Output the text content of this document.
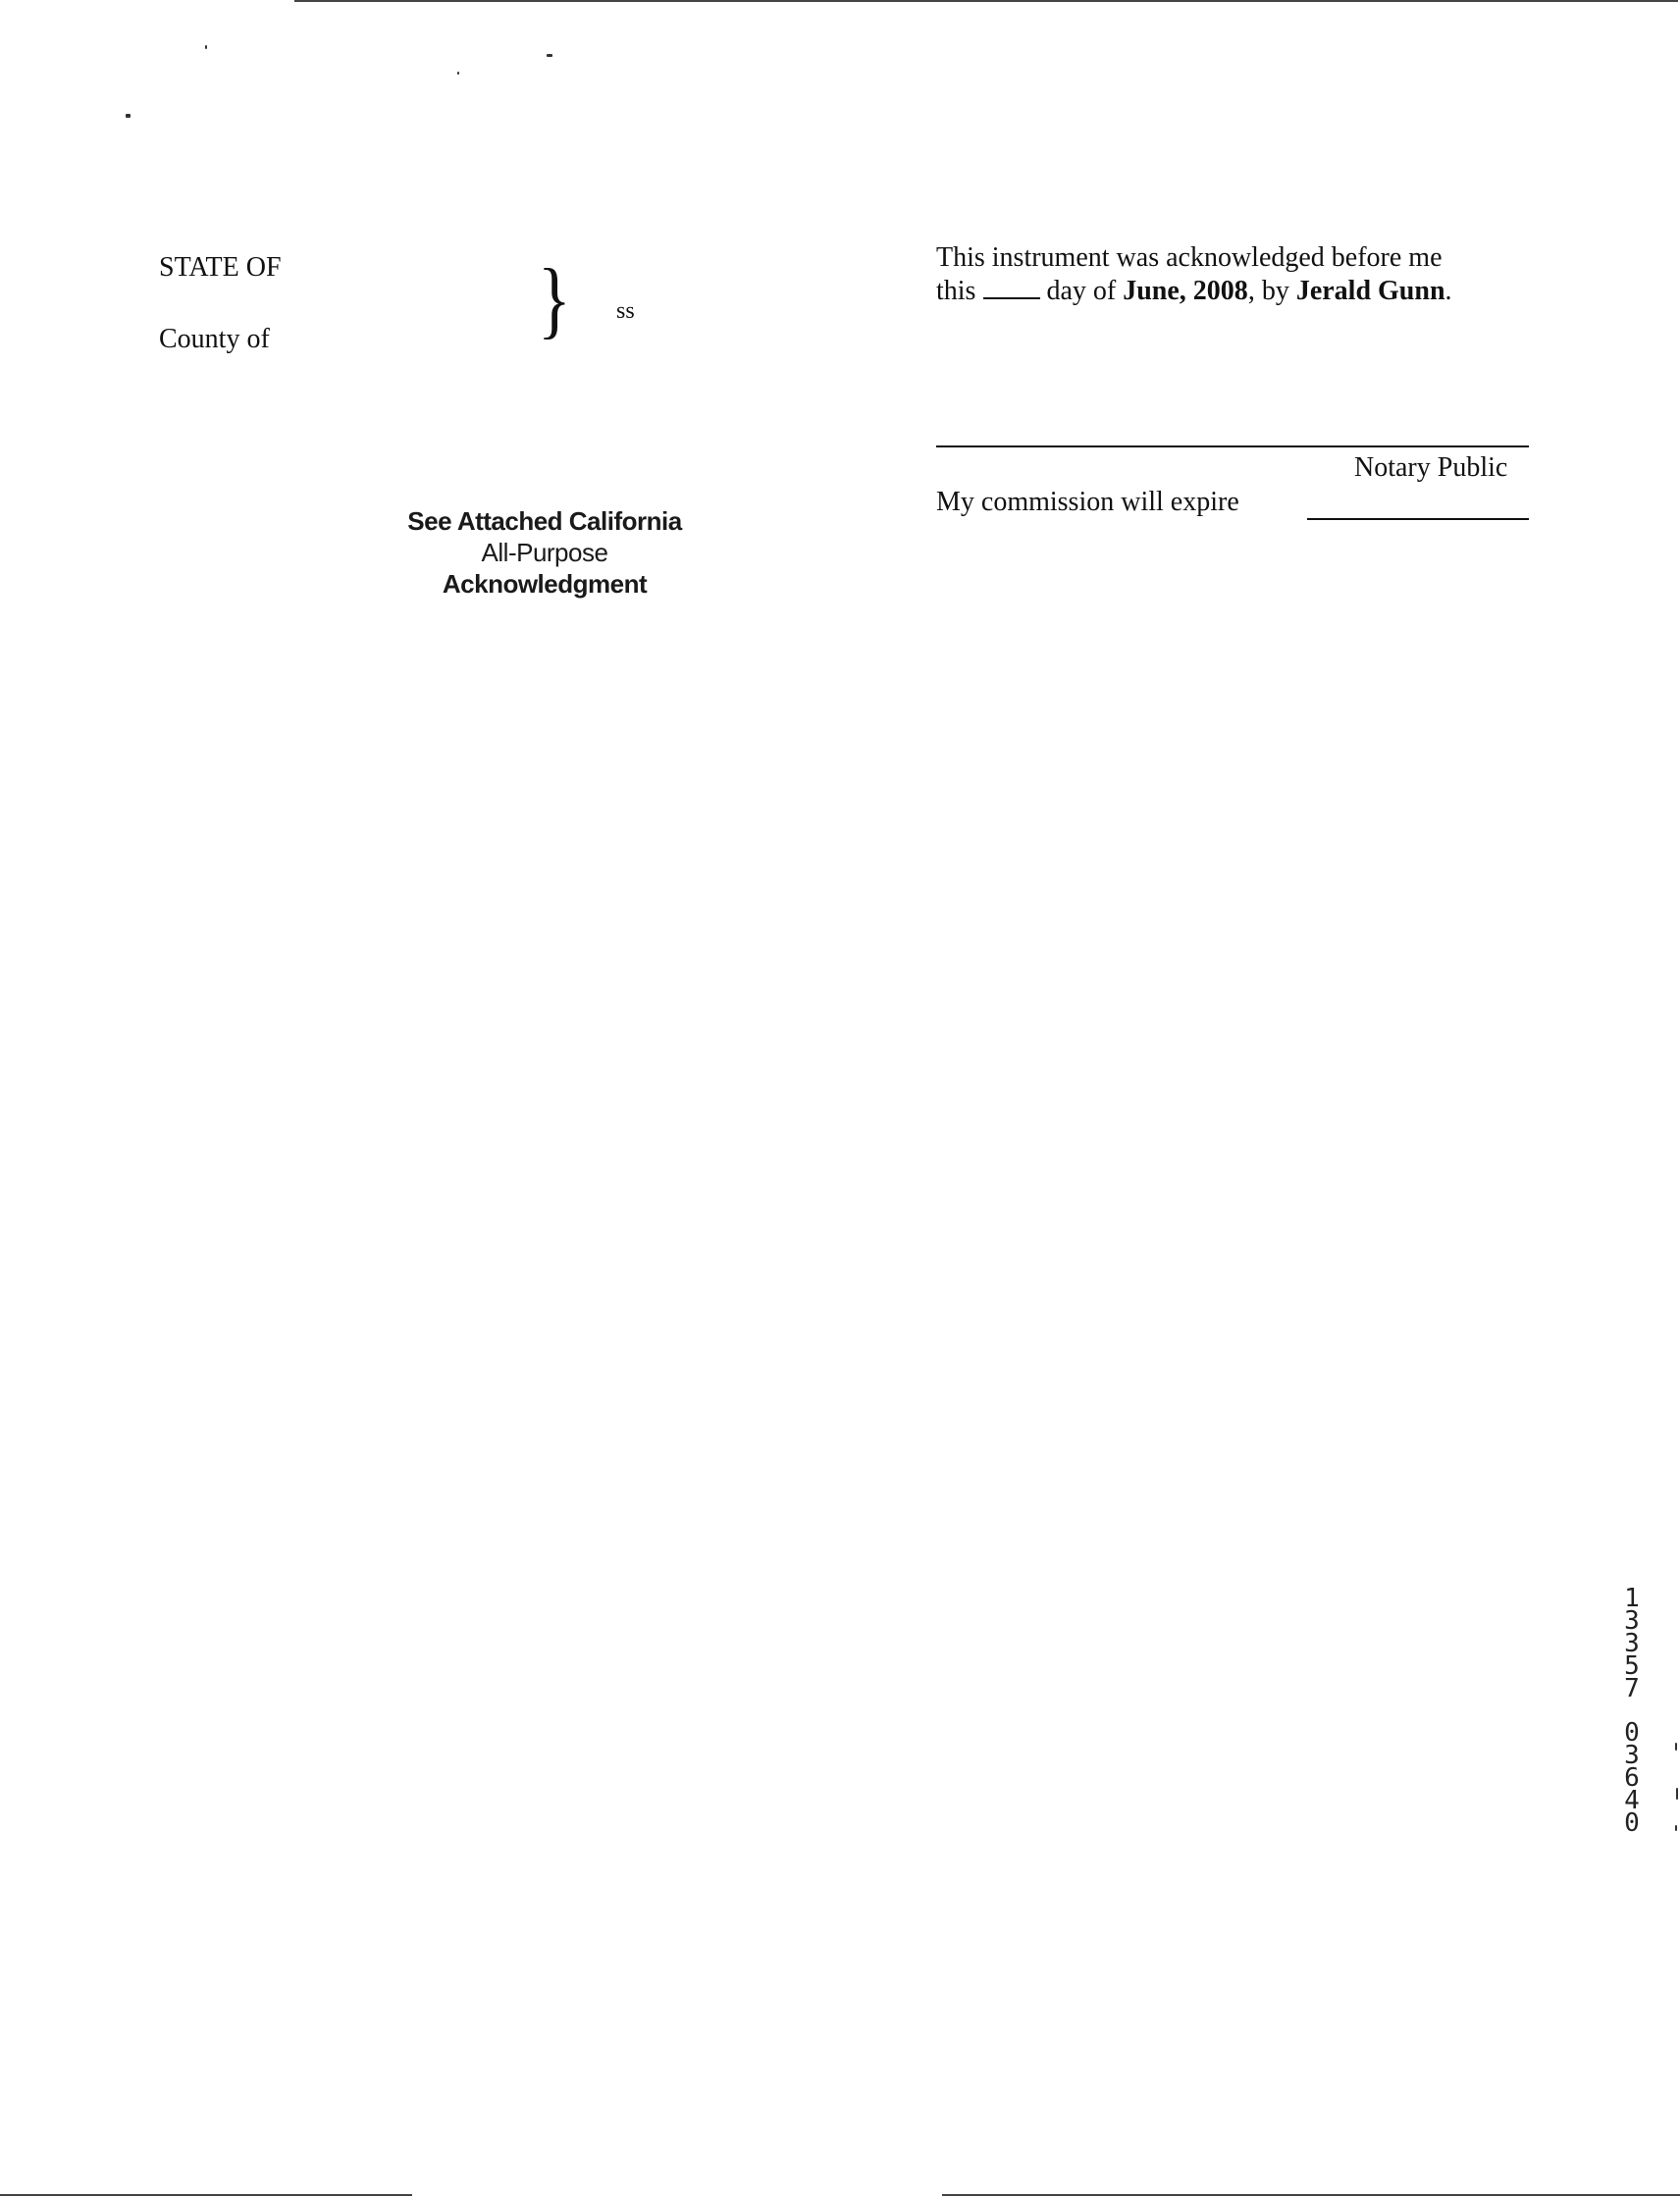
STATE OF
County of	} ss
See Attached California
All-Purpose
Acknowledgment
This instrument was acknowledged before me
this	day of June, 2008, by Jerald Gunn.
Notary Public
My commission will expire
1
3
3
5
7
0
3
6
4
0
